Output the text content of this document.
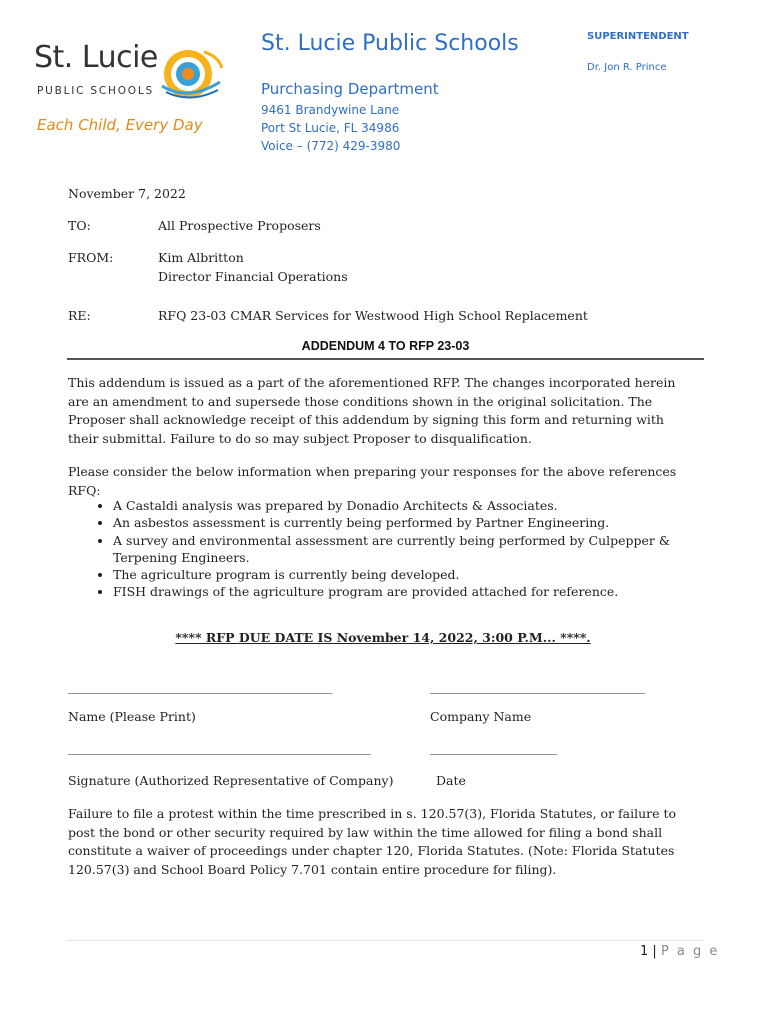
St. Lucie
PUBLIC SCHOOLS
Each Child, Every Day
St. Lucie Public Schools
Purchasing Department
9461 Brandywine Lane
Port St Lucie, FL 34986
Voice – (772) 429-3980
SUPERINTENDENT
Dr. Jon R. Prince
November 7, 2022
TO:	All Prospective Proposers
FROM:	Kim Albritton
Director Financial Operations
RE:	RFQ 23-03 CMAR Services for Westwood High School Replacement
ADDENDUM 4 TO RFP 23-03
This addendum is issued as a part of the aforementioned RFP. The changes incorporated herein are an amendment to and supersede those conditions shown in the original solicitation. The Proposer shall acknowledge receipt of this addendum by signing this form and returning with their submittal. Failure to do so may subject Proposer to disqualification.
Please consider the below information when preparing your responses for the above references RFQ:
• A Castaldi analysis was prepared by Donadio Architects & Associates.
• An asbestos assessment is currently being performed by Partner Engineering.
• A survey and environmental assessment are currently being performed by Culpepper & Terpening Engineers.
• The agriculture program is currently being developed.
• FISH drawings of the agriculture program are provided attached for reference.
**** RFP DUE DATE IS November 14, 2022, 3:00 P.M... ****.
________________________________________________	_______________________________________
Name (Please Print)	Company Name
_______________________________________________________	_______________________
Signature (Authorized Representative of Company)	Date
Failure to file a protest within the time prescribed in s. 120.57(3), Florida Statutes, or failure to post the bond or other security required by law within the time allowed for filing a bond shall constitute a waiver of proceedings under chapter 120, Florida Statutes. (Note: Florida Statutes 120.57(3) and School Board Policy 7.701 contain entire procedure for filing).
1 | P a g e
